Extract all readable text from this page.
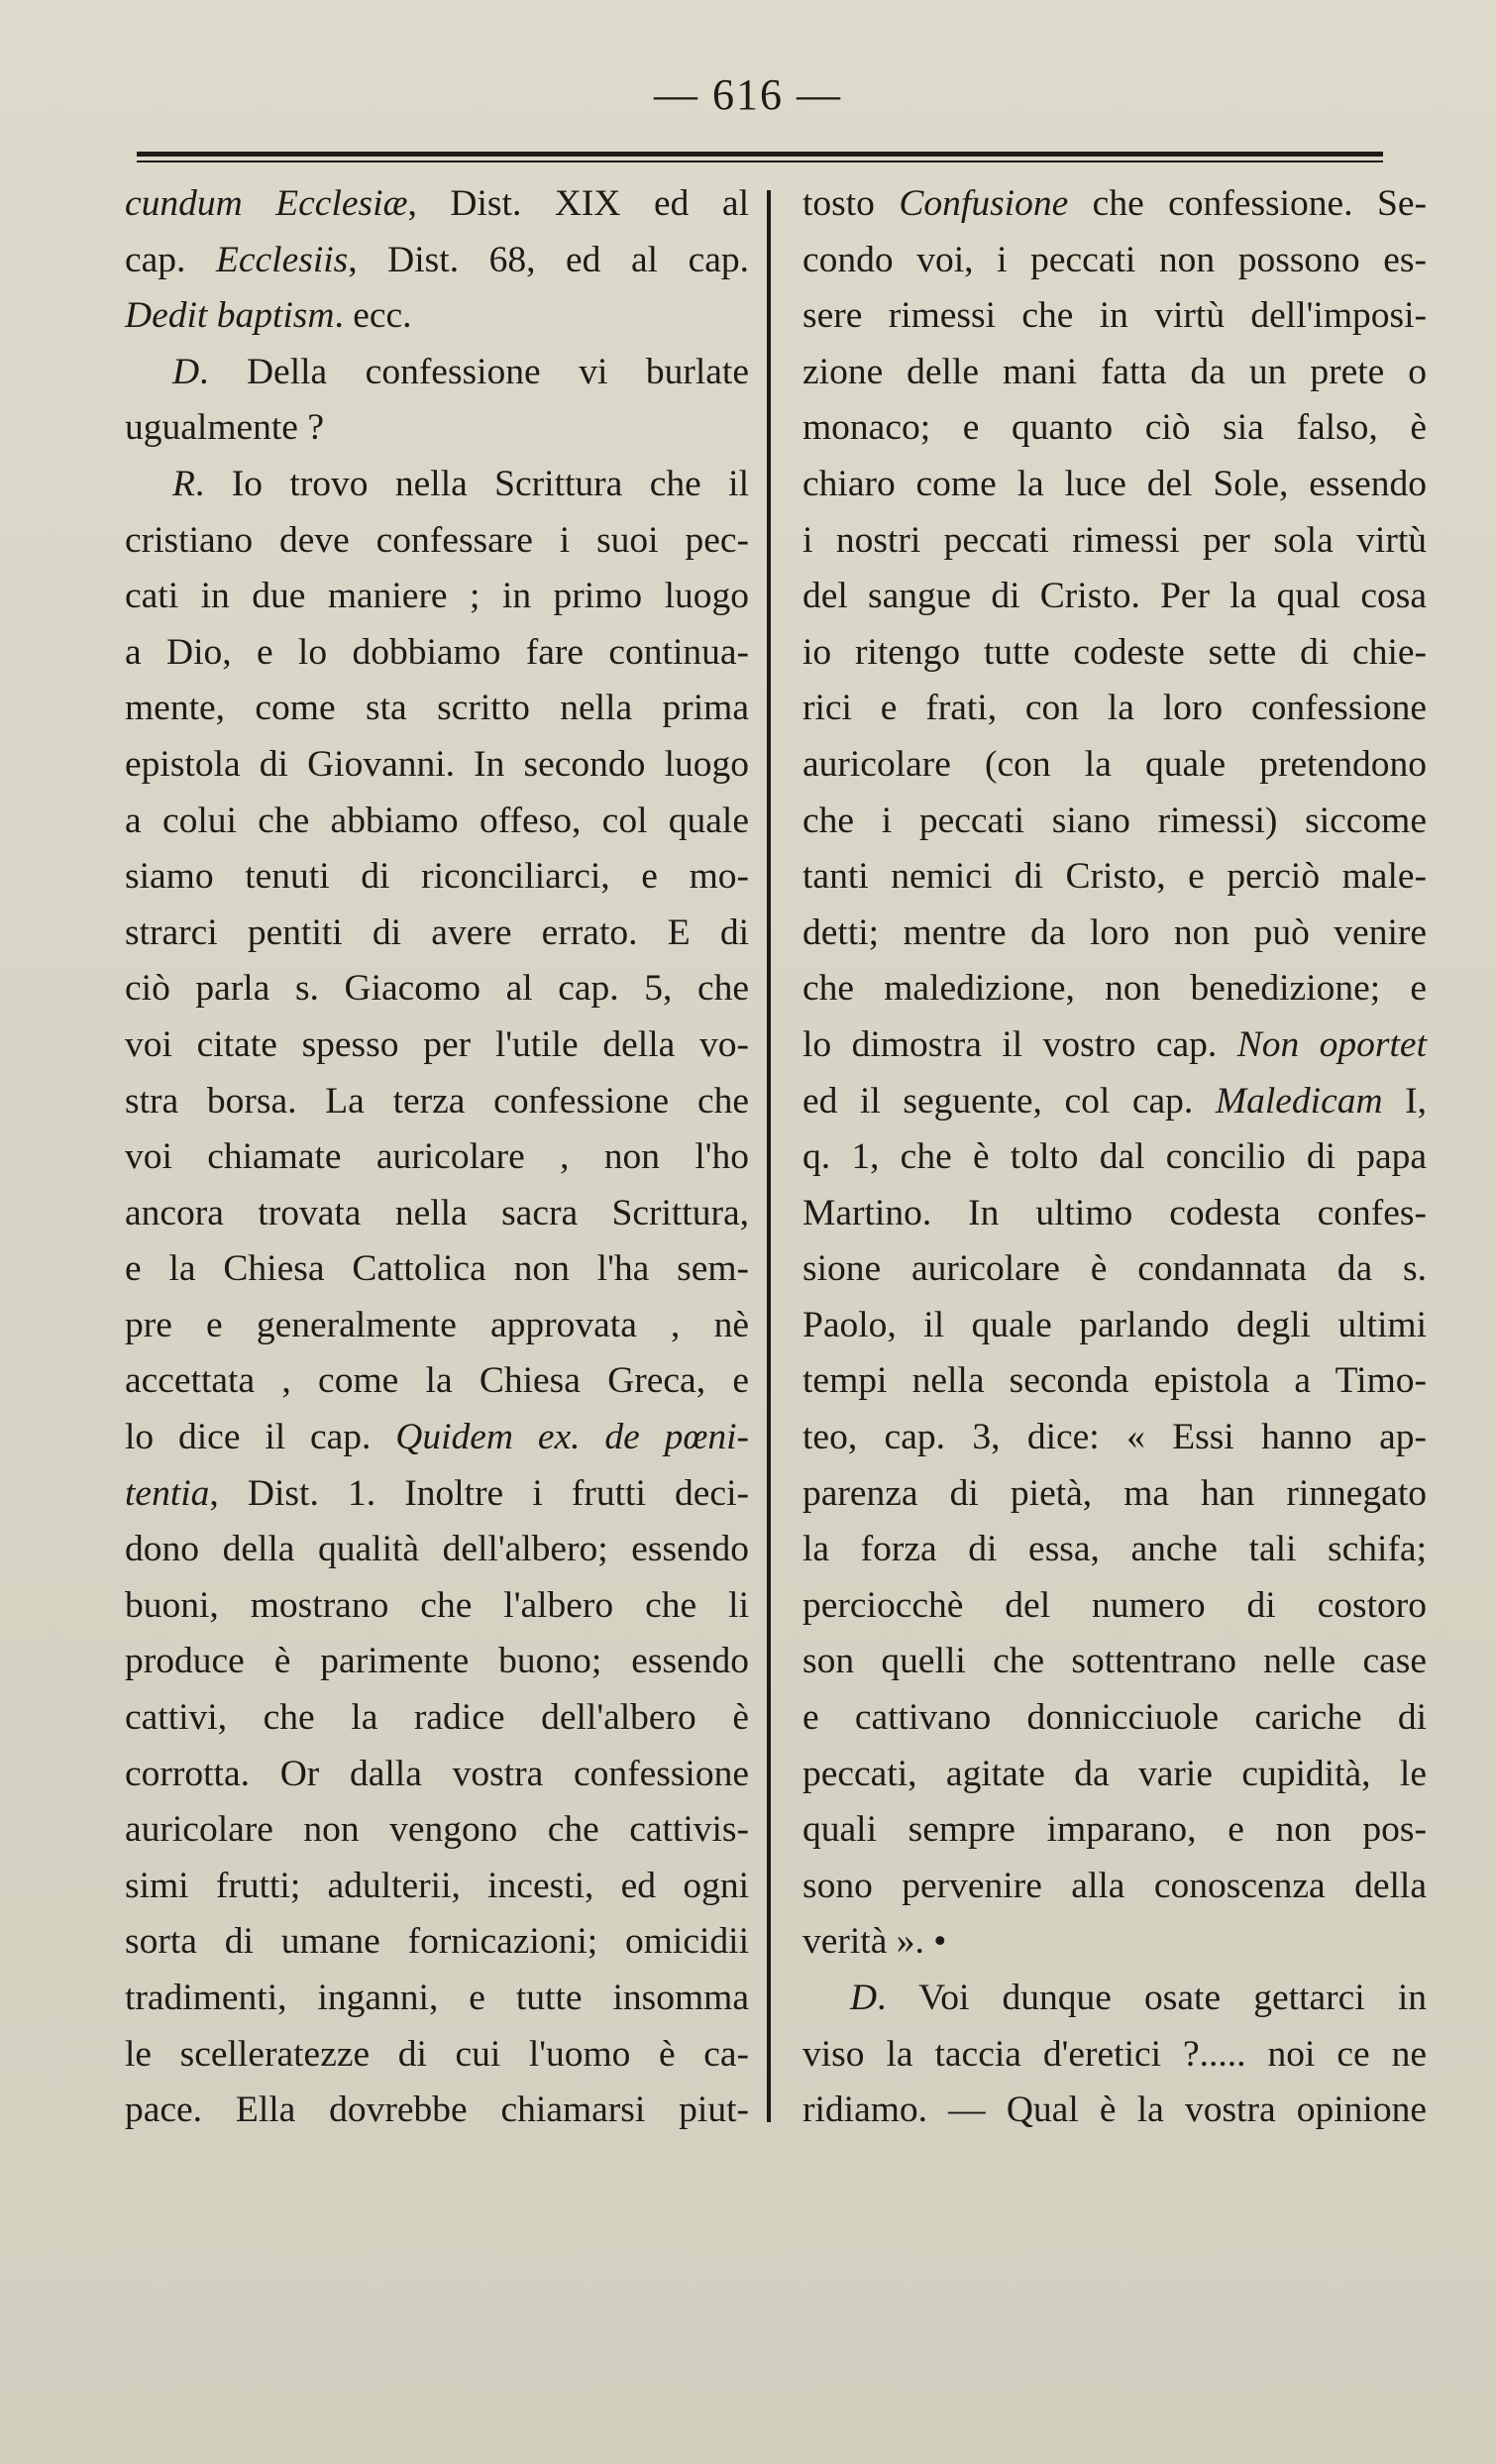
— 616 —
cundum Ecclesiæ, Dist. XIX ed al
cap. Ecclesiis, Dist. 68, ed al cap.
Dedit baptism. ecc.
D. Della confessione vi burlate
ugualmente ?
R. Io trovo nella Scrittura che il
cristiano deve confessare i suoi pec-
cati in due maniere ; in primo luogo
a Dio, e lo dobbiamo fare continua-
mente, come sta scritto nella prima
epistola di Giovanni. In secondo luogo
a colui che abbiamo offeso, col quale
siamo tenuti di riconciliarci, e mo-
strarci pentiti di avere errato. E di
ciò parla s. Giacomo al cap. 5, che
voi citate spesso per l'utile della vo-
stra borsa. La terza confessione che
voi chiamate auricolare , non l'ho
ancora trovata nella sacra Scrittura,
e la Chiesa Cattolica non l'ha sem-
pre e generalmente approvata , nè
accettata , come la Chiesa Greca, e
lo dice il cap. Quidem ex. de pœni-
tentia, Dist. 1. Inoltre i frutti deci-
dono della qualità dell'albero; essendo
buoni, mostrano che l'albero che li
produce è parimente buono; essendo
cattivi, che la radice dell'albero è
corrotta. Or dalla vostra confessione
auricolare non vengono che cattivis-
simi frutti; adulterii, incesti, ed ogni
sorta di umane fornicazioni; omicidii
tradimenti, inganni, e tutte insomma
le scelleratezze di cui l'uomo è ca-
pace. Ella dovrebbe chiamarsi piut-
tosto Confusione che confessione. Se-
condo voi, i peccati non possono es-
sere rimessi che in virtù dell'imposi-
zione delle mani fatta da un prete o
monaco; e quanto ciò sia falso, è
chiaro come la luce del Sole, essendo
i nostri peccati rimessi per sola virtù
del sangue di Cristo. Per la qual cosa
io ritengo tutte codeste sette di chie-
rici e frati, con la loro confessione
auricolare (con la quale pretendono
che i peccati siano rimessi) siccome
tanti nemici di Cristo, e perciò male-
detti; mentre da loro non può venire
che maledizione, non benedizione; e
lo dimostra il vostro cap. Non oportet
ed il seguente, col cap. Maledicam I,
q. 1, che è tolto dal concilio di papa
Martino. In ultimo codesta confes-
sione auricolare è condannata da s.
Paolo, il quale parlando degli ultimi
tempi nella seconda epistola a Timo-
teo, cap. 3, dice: « Essi hanno ap-
parenza di pietà, ma han rinnegato
la forza di essa, anche tali schifa;
perciocchè del numero di costoro
son quelli che sottentrano nelle case
e cattivano donnicciuole cariche di
peccati, agitate da varie cupidità, le
quali sempre imparano, e non pos-
sono pervenire alla conoscenza della
verità ». •
D. Voi dunque osate gettarci in
viso la taccia d'eretici ?..... noi ce ne
ridiamo. — Qual è la vostra opinione
